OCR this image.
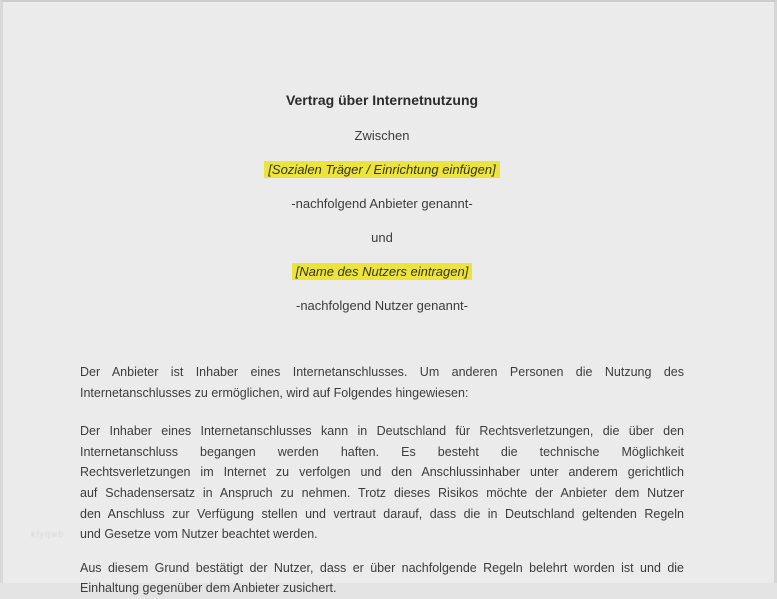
Vertrag über Internetnutzung
Zwischen
[Sozialen Träger / Einrichtung einfügen]
-nachfolgend Anbieter genannt-
und
[Name des Nutzers eintragen]
-nachfolgend Nutzer genannt-
Der Anbieter ist Inhaber eines Internetanschlusses. Um anderen Personen die Nutzung des
Internetanschlusses zu ermöglichen, wird auf Folgendes hingewiesen:
Der Inhaber eines Internetanschlusses kann in Deutschland für Rechtsverletzungen, die über den
Internetanschluss begangen werden haften. Es besteht die technische Möglichkeit
Rechtsverletzungen im Internet zu verfolgen und den Anschlussinhaber unter anderem gerichtlich
auf Schadensersatz in Anspruch zu nehmen. Trotz dieses Risikos möchte der Anbieter dem Nutzer
den Anschluss zur Verfügung stellen und vertraut darauf, dass die in Deutschland geltenden Regeln
und Gesetze vom Nutzer beachtet werden.
Aus diesem Grund bestätigt der Nutzer, dass er über nachfolgende Regeln belehrt worden ist und die
Einhaltung gegenüber dem Anbieter zusichert.
klyqwb
